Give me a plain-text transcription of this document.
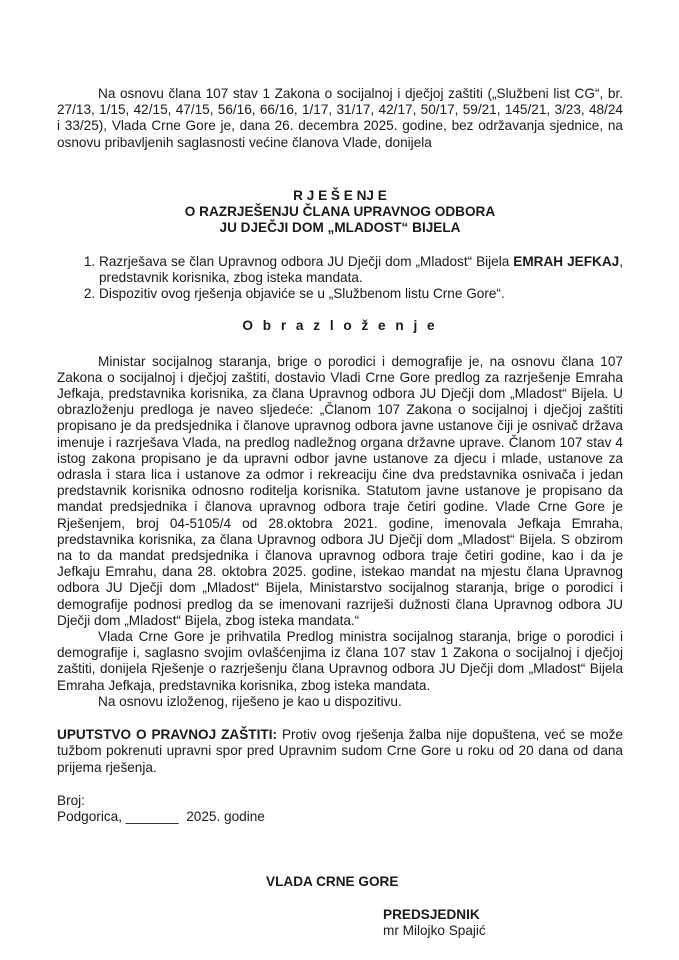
Na osnovu člana 107 stav 1 Zakona o socijalnoj i dječjoj zaštiti („Službeni list CG“, br. 27/13, 1/15, 42/15, 47/15, 56/16, 66/16, 1/17, 31/17, 42/17, 50/17, 59/21, 145/21, 3/23, 48/24 i 33/25), Vlada Crne Gore je, dana 26. decembra 2025. godine, bez održavanja sjednice, na osnovu pribavljenih saglasnosti većine članova Vlade, donijela

R J E Š E NJ E

O RAZRJEŠENJU ČLANA UPRAVNOG ODBORA

JU DJEČJI DOM „MLADOST“ BIJELA

1. Razrješava se član Upravnog odbora JU Dječji dom „Mladost“ Bijela EMRAH JEFKAJ, predstavnik korisnika, zbog isteka mandata.
2. Dispozitiv ovog rješenja objaviće se u „Službenom listu Crne Gore“.

O b r a z l o ž e n j e

Ministar socijalnog staranja, brige o porodici i demografije je, na osnovu člana 107 Zakona o socijalnoj i dječjoj zaštiti, dostavio Vladi Crne Gore predlog za razrješenje Emraha Jefkaja, predstavnika korisnika, za člana Upravnog odbora JU Dječji dom „Mladost“ Bijela. U obrazloženju predloga je naveo sljedeće: „Članom 107 Zakona o socijalnoj i dječjoj zaštiti propisano je da predsjednika i članove upravnog odbora javne ustanove čiji je osnivač država imenuje i razrješava Vlada, na predlog nadležnog organa državne uprave. Članom 107 stav 4 istog zakona propisano je da upravni odbor javne ustanove za djecu i mlade, ustanove za odrasla i stara lica i ustanove za odmor i rekreaciju čine dva predstavnika osnivača i jedan predstavnik korisnika odnosno roditelja korisnika. Statutom javne ustanove je propisano da mandat predsjednika i članova upravnog odbora traje četiri godine. Vlade Crne Gore je Rješenjem, broj 04-5105/4 od 28.oktobra 2021. godine, imenovala Jefkaja Emraha, predstavnika korisnika, za člana Upravnog odbora JU Dječji dom „Mladost“ Bijela. S obzirom na to da mandat predsjednika i članova upravnog odbora traje četiri godine, kao i da je Jefkaju Emrahu, dana 28. oktobra 2025. godine, istekao mandat na mjestu člana Upravnog odbora JU Dječji dom „Mladost“ Bijela, Ministarstvo socijalnog staranja, brige o porodici i demografije podnosi predlog da se imenovani razriješi dužnosti člana Upravnog odbora JU Dječji dom „Mladost“ Bijela, zbog isteka mandata.“

Vlada Crne Gore je prihvatila Predlog ministra socijalnog staranja, brige o porodici i demografije i, saglasno svojim ovlašćenjima iz člana 107 stav 1 Zakona o socijalnoj i dječjoj zaštiti, donijela Rješenje o razrješenju člana Upravnog odbora JU Dječji dom „Mladost“ Bijela Emraha Jefkaja, predstavnika korisnika, zbog isteka mandata.

Na osnovu izloženog, riješeno je kao u dispozitivu.

UPUTSTVO O PRAVNOJ ZAŠTITI: Protiv ovog rješenja žalba nije dopuštena, već se može tužbom pokrenuti upravni spor pred Upravnim sudom Crne Gore u roku od 20 dana od dana prijema rješenja.

Broj:

Podgorica, _______  2025. godine

VLADA CRNE GORE

PREDSJEDNIK

mr Milojko Spajić
